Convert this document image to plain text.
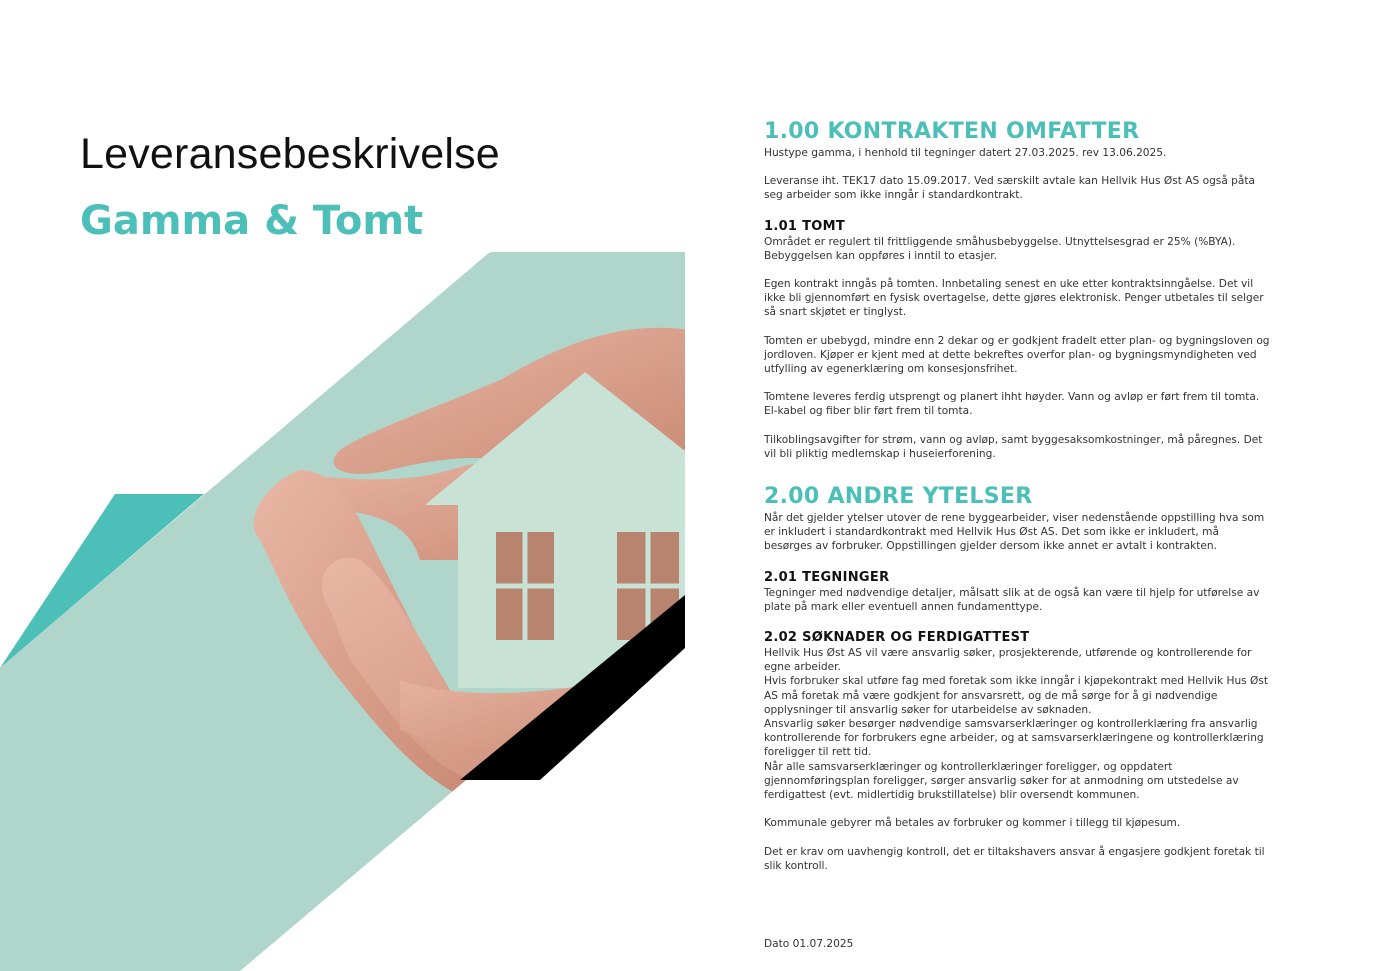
Leveransebeskrivelse
Gamma & Tomt
1.00 KONTRAKTEN OMFATTER

Hustype gamma, i henhold til tegninger datert 27.03.2025. rev 13.06.2025.

Leveranse iht. TEK17 dato 15.09.2017. Ved særskilt avtale kan Hellvik Hus Øst AS også påta
seg arbeider som ikke inngår i standardkontrakt.

1.01 TOMT

Området er regulert til frittliggende småhusbebyggelse. Utnyttelsesgrad er 25% (%BYA).
Bebyggelsen kan oppføres i inntil to etasjer.

Egen kontrakt inngås på tomten. Innbetaling senest en uke etter kontraktsinngåelse. Det vil
ikke bli gjennomført en fysisk overtagelse, dette gjøres elektronisk. Penger utbetales til selger
så snart skjøtet er tinglyst.

Tomten er ubebygd, mindre enn 2 dekar og er godkjent fradelt etter plan- og bygningsloven og
jordloven. Kjøper er kjent med at dette bekreftes overfor plan- og bygningsmyndigheten ved
utfylling av egenerklæring om konsesjonsfrihet.

Tomtene leveres ferdig utsprengt og planert ihht høyder. Vann og avløp er ført frem til tomta.
El-kabel og fiber blir ført frem til tomta.

Tilkoblingsavgifter for strøm, vann og avløp, samt byggesaksomkostninger, må påregnes. Det
vil bli pliktig medlemskap i huseierforening.

2.00 ANDRE YTELSER

Når det gjelder ytelser utover de rene byggearbeider, viser nedenstående oppstilling hva som
er inkludert i standardkontrakt med Hellvik Hus Øst AS. Det som ikke er inkludert, må
besørges av forbruker. Oppstillingen gjelder dersom ikke annet er avtalt i kontrakten.

2.01 TEGNINGER

Tegninger med nødvendige detaljer, målsatt slik at de også kan være til hjelp for utførelse av
plate på mark eller eventuell annen fundamenttype.

2.02 SØKNADER OG FERDIGATTEST

Hellvik Hus Øst AS vil være ansvarlig søker, prosjekterende, utførende og kontrollerende for
egne arbeider.
Hvis forbruker skal utføre fag med foretak som ikke inngår i kjøpekontrakt med Hellvik Hus Øst
AS må foretak må være godkjent for ansvarsrett, og de må sørge for å gi nødvendige
opplysninger til ansvarlig søker for utarbeidelse av søknaden.
Ansvarlig søker besørger nødvendige samsvarserklæringer og kontrollerklæring fra ansvarlig
kontrollerende for forbrukers egne arbeider, og at samsvarserklæringene og kontrollerklæring
foreligger til rett tid.
Når alle samsvarserklæringer og kontrollerklæringer foreligger, og oppdatert
gjennomføringsplan foreligger, sørger ansvarlig søker for at anmodning om utstedelse av
ferdigattest (evt. midlertidig brukstillatelse) blir oversendt kommunen.

Kommunale gebyrer må betales av forbruker og kommer i tillegg til kjøpesum.

Det er krav om uavhengig kontroll, det er tiltakshavers ansvar å engasjere godkjent foretak til
slik kontroll.

Dato 01.07.2025
